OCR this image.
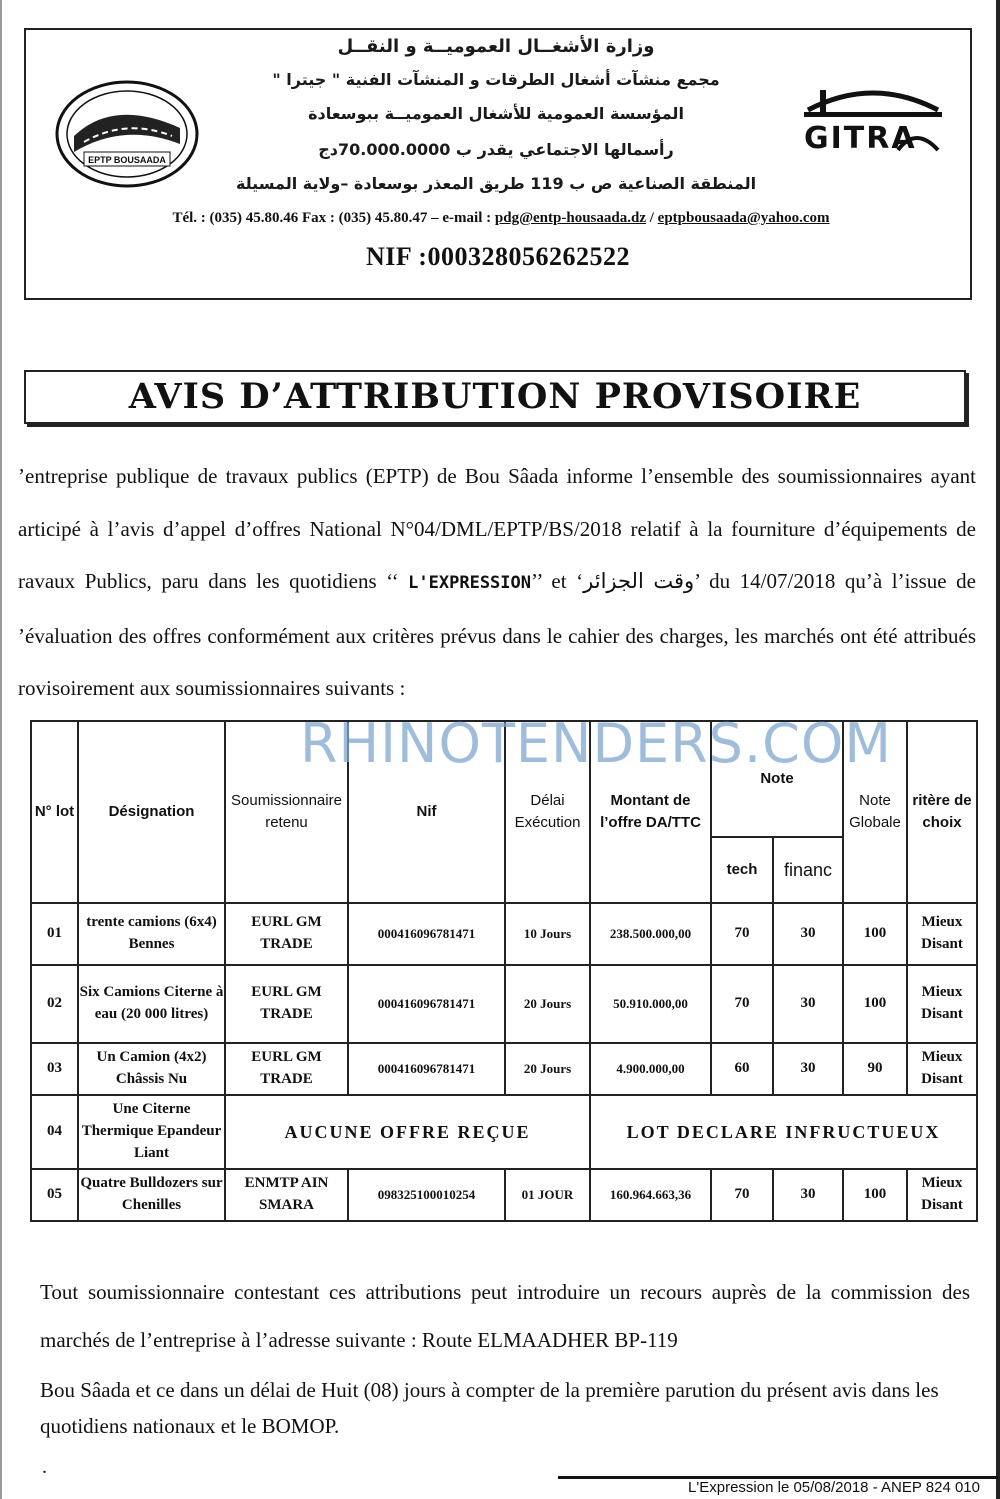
EPTP BOUSAADA
وزارة الأشغــال العموميــة و النقــل
مجمع منشآت أشغال الطرقات و المنشآت الفنية " جيترا "
المؤسسة العمومية للأشغال العموميــة ببوسعادة
رأسمالها الاجتماعي يقدر ب 70.000.0000دج
المنطقة الصناعية ص ب 119 طريق المعذر بوسعادة –ولاية المسيلة
GITRA
Tél. : (035) 45.80.46 Fax : (035) 45.80.47 – e-mail : pdg@entp-housaada.dz / eptpbousaada@yahoo.com
NIF :000328056262522
AVIS D’ATTRIBUTION PROVISOIRE
’entreprise publique de travaux publics (EPTP) de Bou Sâada informe l’ensemble des soumissionnaires ayant articipé à l’avis d’appel d’offres National N°04/DML/EPTP/BS/2018 relatif à la fourniture d’équipements de ravaux Publics, paru dans les quotidiens ‘‘ L'EXPRESSION’’ et ‘وقت الجزائر’ du 14/07/2018 qu’à l’issue de ’évaluation des offres conformément aux critères prévus dans le cahier des charges, les marchés ont été attribués rovisoirement aux soumissionnaires suivants :
N° lot	Désignation	Soumissionnaire retenu	Nif	Délai Exécution	Montant de l’offre DA/TTC	Note		Note Globale	ritère de choix
						tech	financ		
01	trente camions (6x4) Bennes	EURL GM TRADE	000416096781471	10 Jours	238.500.000,00	70	30	100	Mieux Disant
02	Six Camions Citerne à eau (20 000 litres)	EURL GM TRADE	000416096781471	20 Jours	50.910.000,00	70	30	100	Mieux Disant
03	Un Camion (4x2) Châssis Nu	EURL GM TRADE	000416096781471	20 Jours	4.900.000,00	60	30	90	Mieux Disant
04	Une Citerne Thermique Epandeur Liant	AUCUNE OFFRE REÇUE			LOT DECLARE INFRUCTUEUX				
05	Quatre Bulldozers sur Chenilles	ENMTP AIN SMARA	098325100010254	01 JOUR	160.964.663,36	70	30	100	Mieux Disant
RHINOTENDERS.COM
Tout soumissionnaire contestant ces attributions peut introduire un recours auprès de la commission des marchés de l’entreprise à l’adresse suivante : Route ELMAADHER BP-119
Bou Sâada et ce dans un délai de Huit (08) jours à compter de la première parution du présent avis dans les quotidiens nationaux et le BOMOP.
.
L'Expression le 05/08/2018 - ANEP 824 010
